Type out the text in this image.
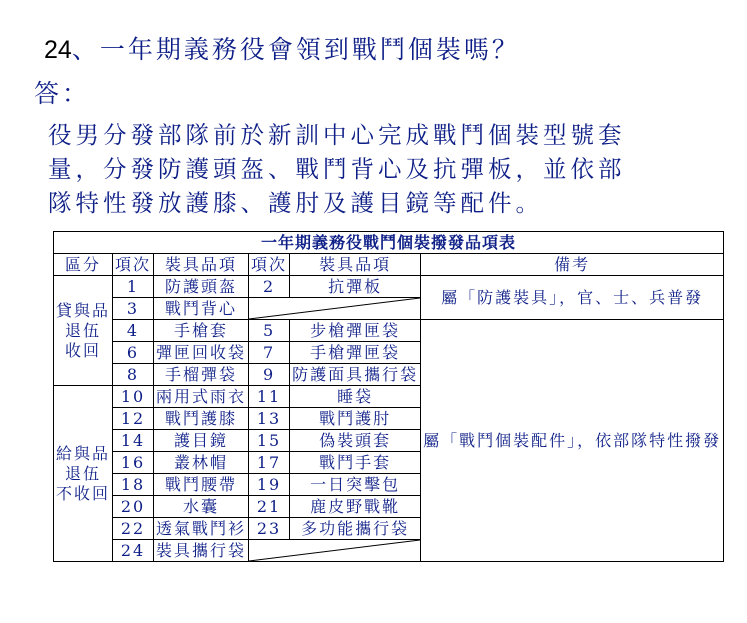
24、一年期義務役會領到戰鬥個裝嗎？
答：
役男分發部隊前於新訓中心完成戰鬥個裝型號套
量，分發防護頭盔、戰鬥背心及抗彈板，並依部
隊特性發放護膝、護肘及護目鏡等配件。
一年期義務役戰鬥個裝撥發品項表					
區分	項次	裝具品項	項次	裝具品項	備考

貸與品
退伍
收回	1	防護頭盔	2	抗彈板	屬「防護裝具」，官、士、兵普發
	3	戰鬥背心	

	4	手槍套	5	步槍彈匣袋	屬「戰鬥個裝配件」，依部隊特性撥發
	6	彈匣回收袋	7	手槍彈匣袋	
	8	手榴彈袋	9	防護面具攜行袋	

給與品
退伍
不收回	10	兩用式雨衣	11	睡袋	
	12	戰鬥護膝	13	戰鬥護肘	
	14	護目鏡	15	偽裝頭套	
	16	叢林帽	17	戰鬥手套	
	18	戰鬥腰帶	19	一日突擊包	
	20	水囊	21	鹿皮野戰靴	
	22	透氣戰鬥衫	23	多功能攜行袋	
	24	裝具攜行袋	
